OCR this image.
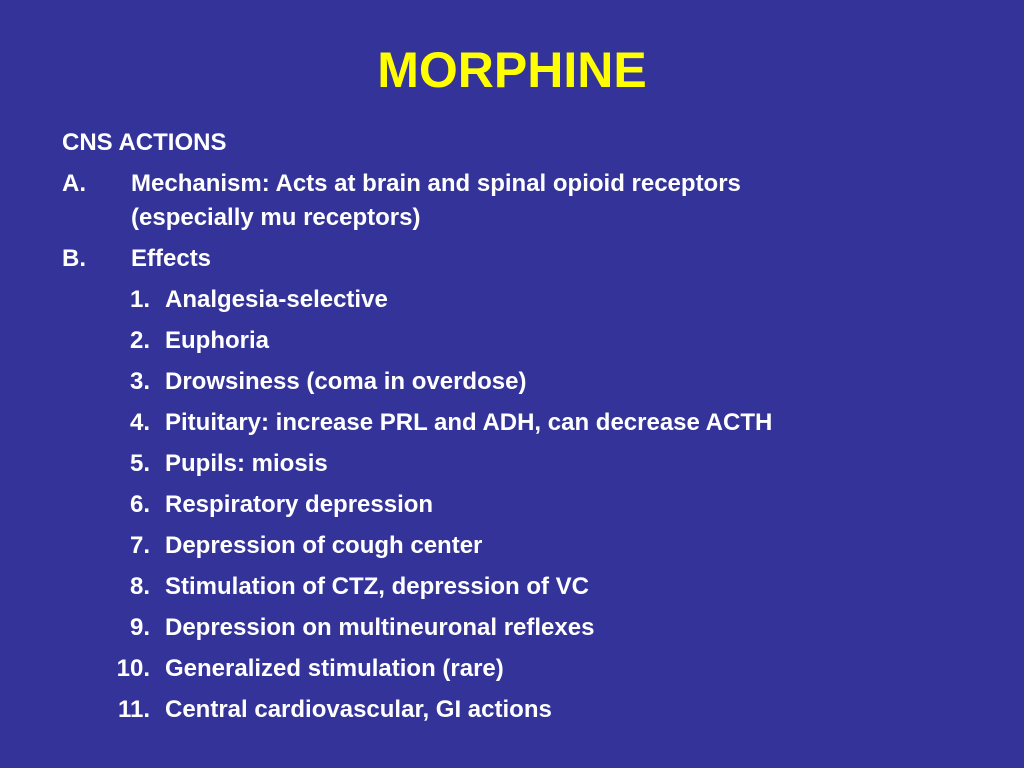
MORPHINE
CNS ACTIONS
A. Mechanism: Acts at brain and spinal opioid receptors
(especially mu receptors)
B. Effects
1. Analgesia-selective
2. Euphoria
3. Drowsiness (coma in overdose)
4. Pituitary: increase PRL and ADH, can decrease ACTH
5. Pupils: miosis
6. Respiratory depression
7. Depression of cough center
8. Stimulation of CTZ, depression of VC
9. Depression on multineuronal reflexes
10. Generalized stimulation (rare)
11. Central cardiovascular, GI actions
